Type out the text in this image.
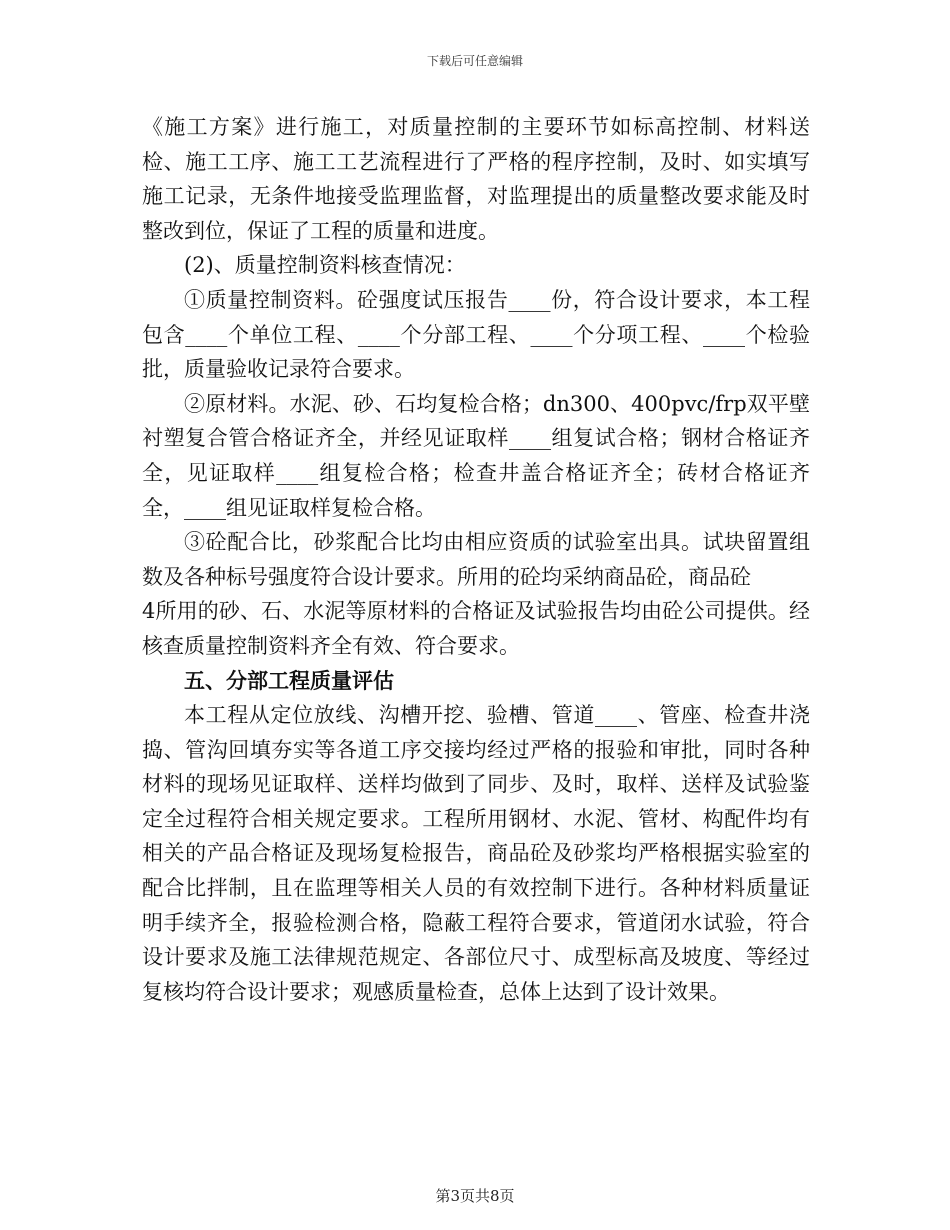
下载后可任意编辑

《施工方案》进行施工，对质量控制的主要环节如标高控制、材料送检、施工工序、施工工艺流程进行了严格的程序控制，及时、如实填写施工记录，无条件地接受监理监督，对监理提出的质量整改要求能及时整改到位，保证了工程的质量和进度。

(2)、质量控制资料核查情况：

①质量控制资料。砼强度试压报告____份，符合设计要求，本工程包含____个单位工程、____个分部工程、____个分项工程、____个检验批，质量验收记录符合要求。

②原材料。水泥、砂、石均复检合格；dn300、400pvc/frp双平壁衬塑复合管合格证齐全，并经见证取样____组复试合格；钢材合格证齐全，见证取样____组复检合格；检查井盖合格证齐全；砖材合格证齐全，____组见证取样复检合格。

③砼配合比，砂浆配合比均由相应资质的试验室出具。试块留置组数及各种标号强度符合设计要求。所用的砼均采纳商品砼，商品砼

4所用的砂、石、水泥等原材料的合格证及试验报告均由砼公司提供。经核查质量控制资料齐全有效、符合要求。

五、分部工程质量评估

本工程从定位放线、沟槽开挖、验槽、管道____、管座、检查井浇捣、管沟回填夯实等各道工序交接均经过严格的报验和审批，同时各种材料的现场见证取样、送样均做到了同步、及时，取样、送样及试验鉴定全过程符合相关规定要求。工程所用钢材、水泥、管材、构配件均有相关的产品合格证及现场复检报告，商品砼及砂浆均严格根据实验室的配合比拌制，且在监理等相关人员的有效控制下进行。各种材料质量证明手续齐全，报验检测合格，隐蔽工程符合要求，管道闭水试验，符合设计要求及施工法律规范规定、各部位尺寸、成型标高及坡度、等经过复核均符合设计要求；观感质量检查，总体上达到了设计效果。

第3页共8页
